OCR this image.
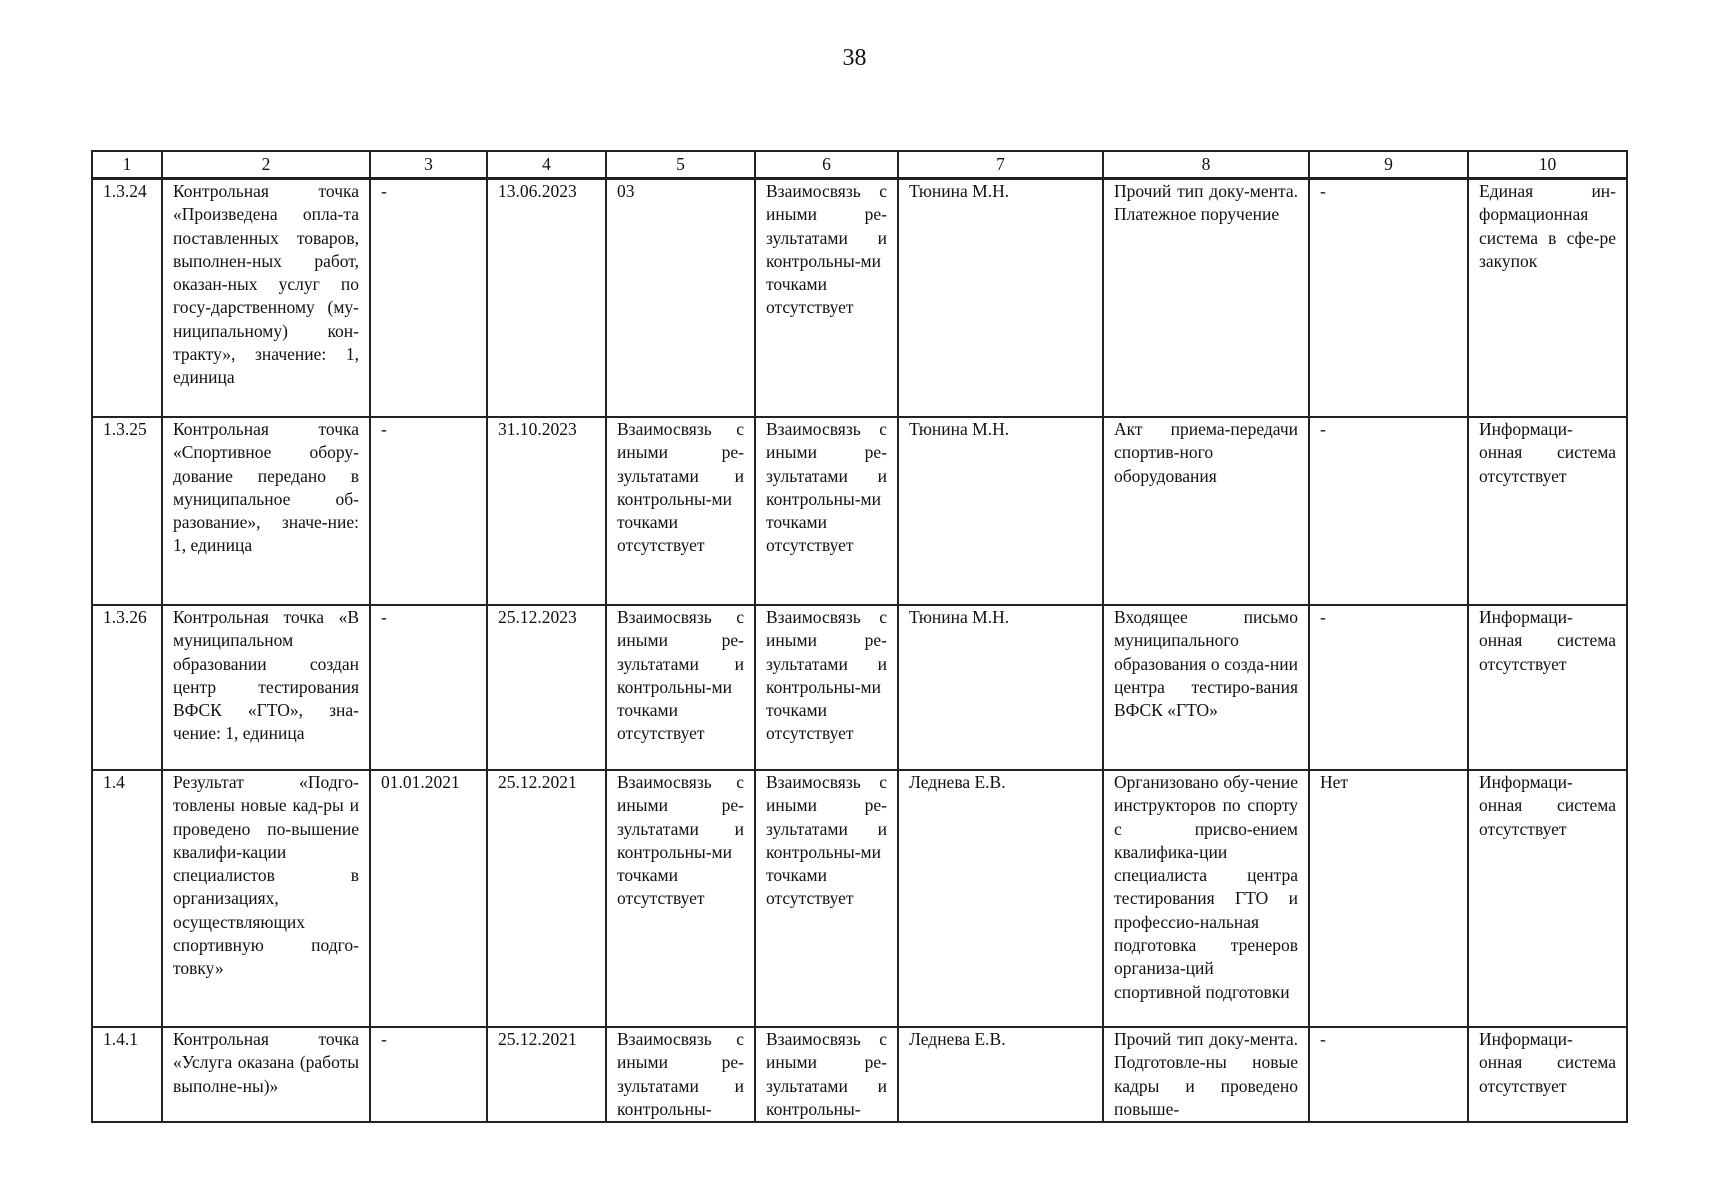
38
1	2	3	4	5	6	7	8	9	10
1.3.24	Контрольная точка «Произведена опла-та поставленных товаров, выполнен-ных работ, оказан-ных услуг по госу-дарственному (му-ниципальному) кон-тракту», значение: 1, единица	-	13.06.2023	03	Взаимосвязь с иными ре-зультатами и контрольны-ми точками отсутствует	Тюнина М.Н.	Прочий тип доку-мента. Платежное поручение	-	Единая ин-формационная система в сфе-ре закупок
1.3.25	Контрольная точка «Спортивное обору-дование передано в муниципальное об-разование», значе-ние: 1, единица	-	31.10.2023	Взаимосвязь с иными ре-зультатами и контрольны-ми точками отсутствует	Взаимосвязь с иными ре-зультатами и контрольны-ми точками отсутствует	Тюнина М.Н.	Акт приема-передачи спортив-ного оборудования	-	Информаци-онная система отсутствует
1.3.26	Контрольная точка «В муниципальном образовании создан центр тестирования ВФСК «ГТО», зна-чение: 1, единица	-	25.12.2023	Взаимосвязь с иными ре-зультатами и контрольны-ми точками отсутствует	Взаимосвязь с иными ре-зультатами и контрольны-ми точками отсутствует	Тюнина М.Н.	Входящее письмо муниципального образования о созда-нии центра тестиро-вания ВФСК «ГТО»	-	Информаци-онная система отсутствует
1.4	Результат «Подго-товлены новые кад-ры и проведено по-вышение квалифи-кации специалистов в организациях, осуществляющих спортивную подго-товку»	01.01.2021	25.12.2021	Взаимосвязь с иными ре-зультатами и контрольны-ми точками отсутствует	Взаимосвязь с иными ре-зультатами и контрольны-ми точками отсутствует	Леднева Е.В.	Организовано обу-чение инструкторов по спорту с присво-ением квалифика-ции специалиста центра тестирования ГТО и профессио-нальная подготовка тренеров организа-ций спортивной подготовки	Нет	Информаци-онная система отсутствует
1.4.1	Контрольная точка «Услуга оказана (работы выполне-ны)»	-	25.12.2021	Взаимосвязь с иными ре-зультатами и контрольны-	Взаимосвязь с иными ре-зультатами и контрольны-	Леднева Е.В.	Прочий тип доку-мента. Подготовле-ны новые кадры и проведено повыше-	-	Информаци-онная система отсутствует
